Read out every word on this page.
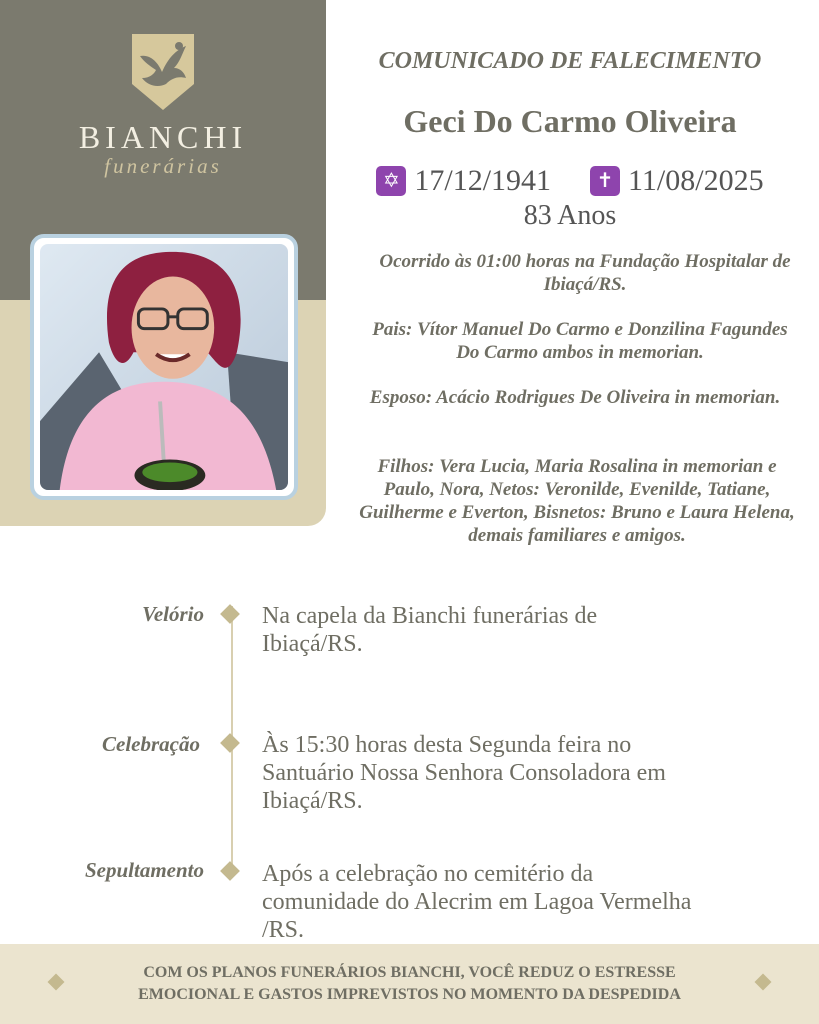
BIANCHI
funerárias
COMUNICADO DE FALECIMENTO
Geci Do Carmo Oliveira
✡ 17/12/1941 ✝ 11/08/2025
83 Anos
Ocorrido às 01:00 horas na Fundação Hospitalar de Ibiaçá/RS.
Pais: Vítor Manuel Do Carmo e Donzilina Fagundes Do Carmo ambos in memorian.
Esposo: Acácio Rodrigues De Oliveira in memorian.
Filhos: Vera Lucia, Maria Rosalina in memorian e Paulo, Nora, Netos: Veronilde, Evenilde, Tatiane, Guilherme e Everton, Bisnetos: Bruno e Laura Helena, demais familiares e amigos.
Velório Na capela da Bianchi funerárias de Ibiaçá/RS.
Celebração	Às 15:30 horas desta Segunda feira no Santuário Nossa Senhora Consoladora em Ibiaçá/RS.
Sepultamento Após a celebração no cemitério da comunidade do Alecrim em Lagoa Vermelha /RS.
COM OS PLANOS FUNERÁRIOS BIANCHI, VOCÊ REDUZ O ESTRESSE
EMOCIONAL E GASTOS IMPREVISTOS NO MOMENTO DA DESPEDIDA
